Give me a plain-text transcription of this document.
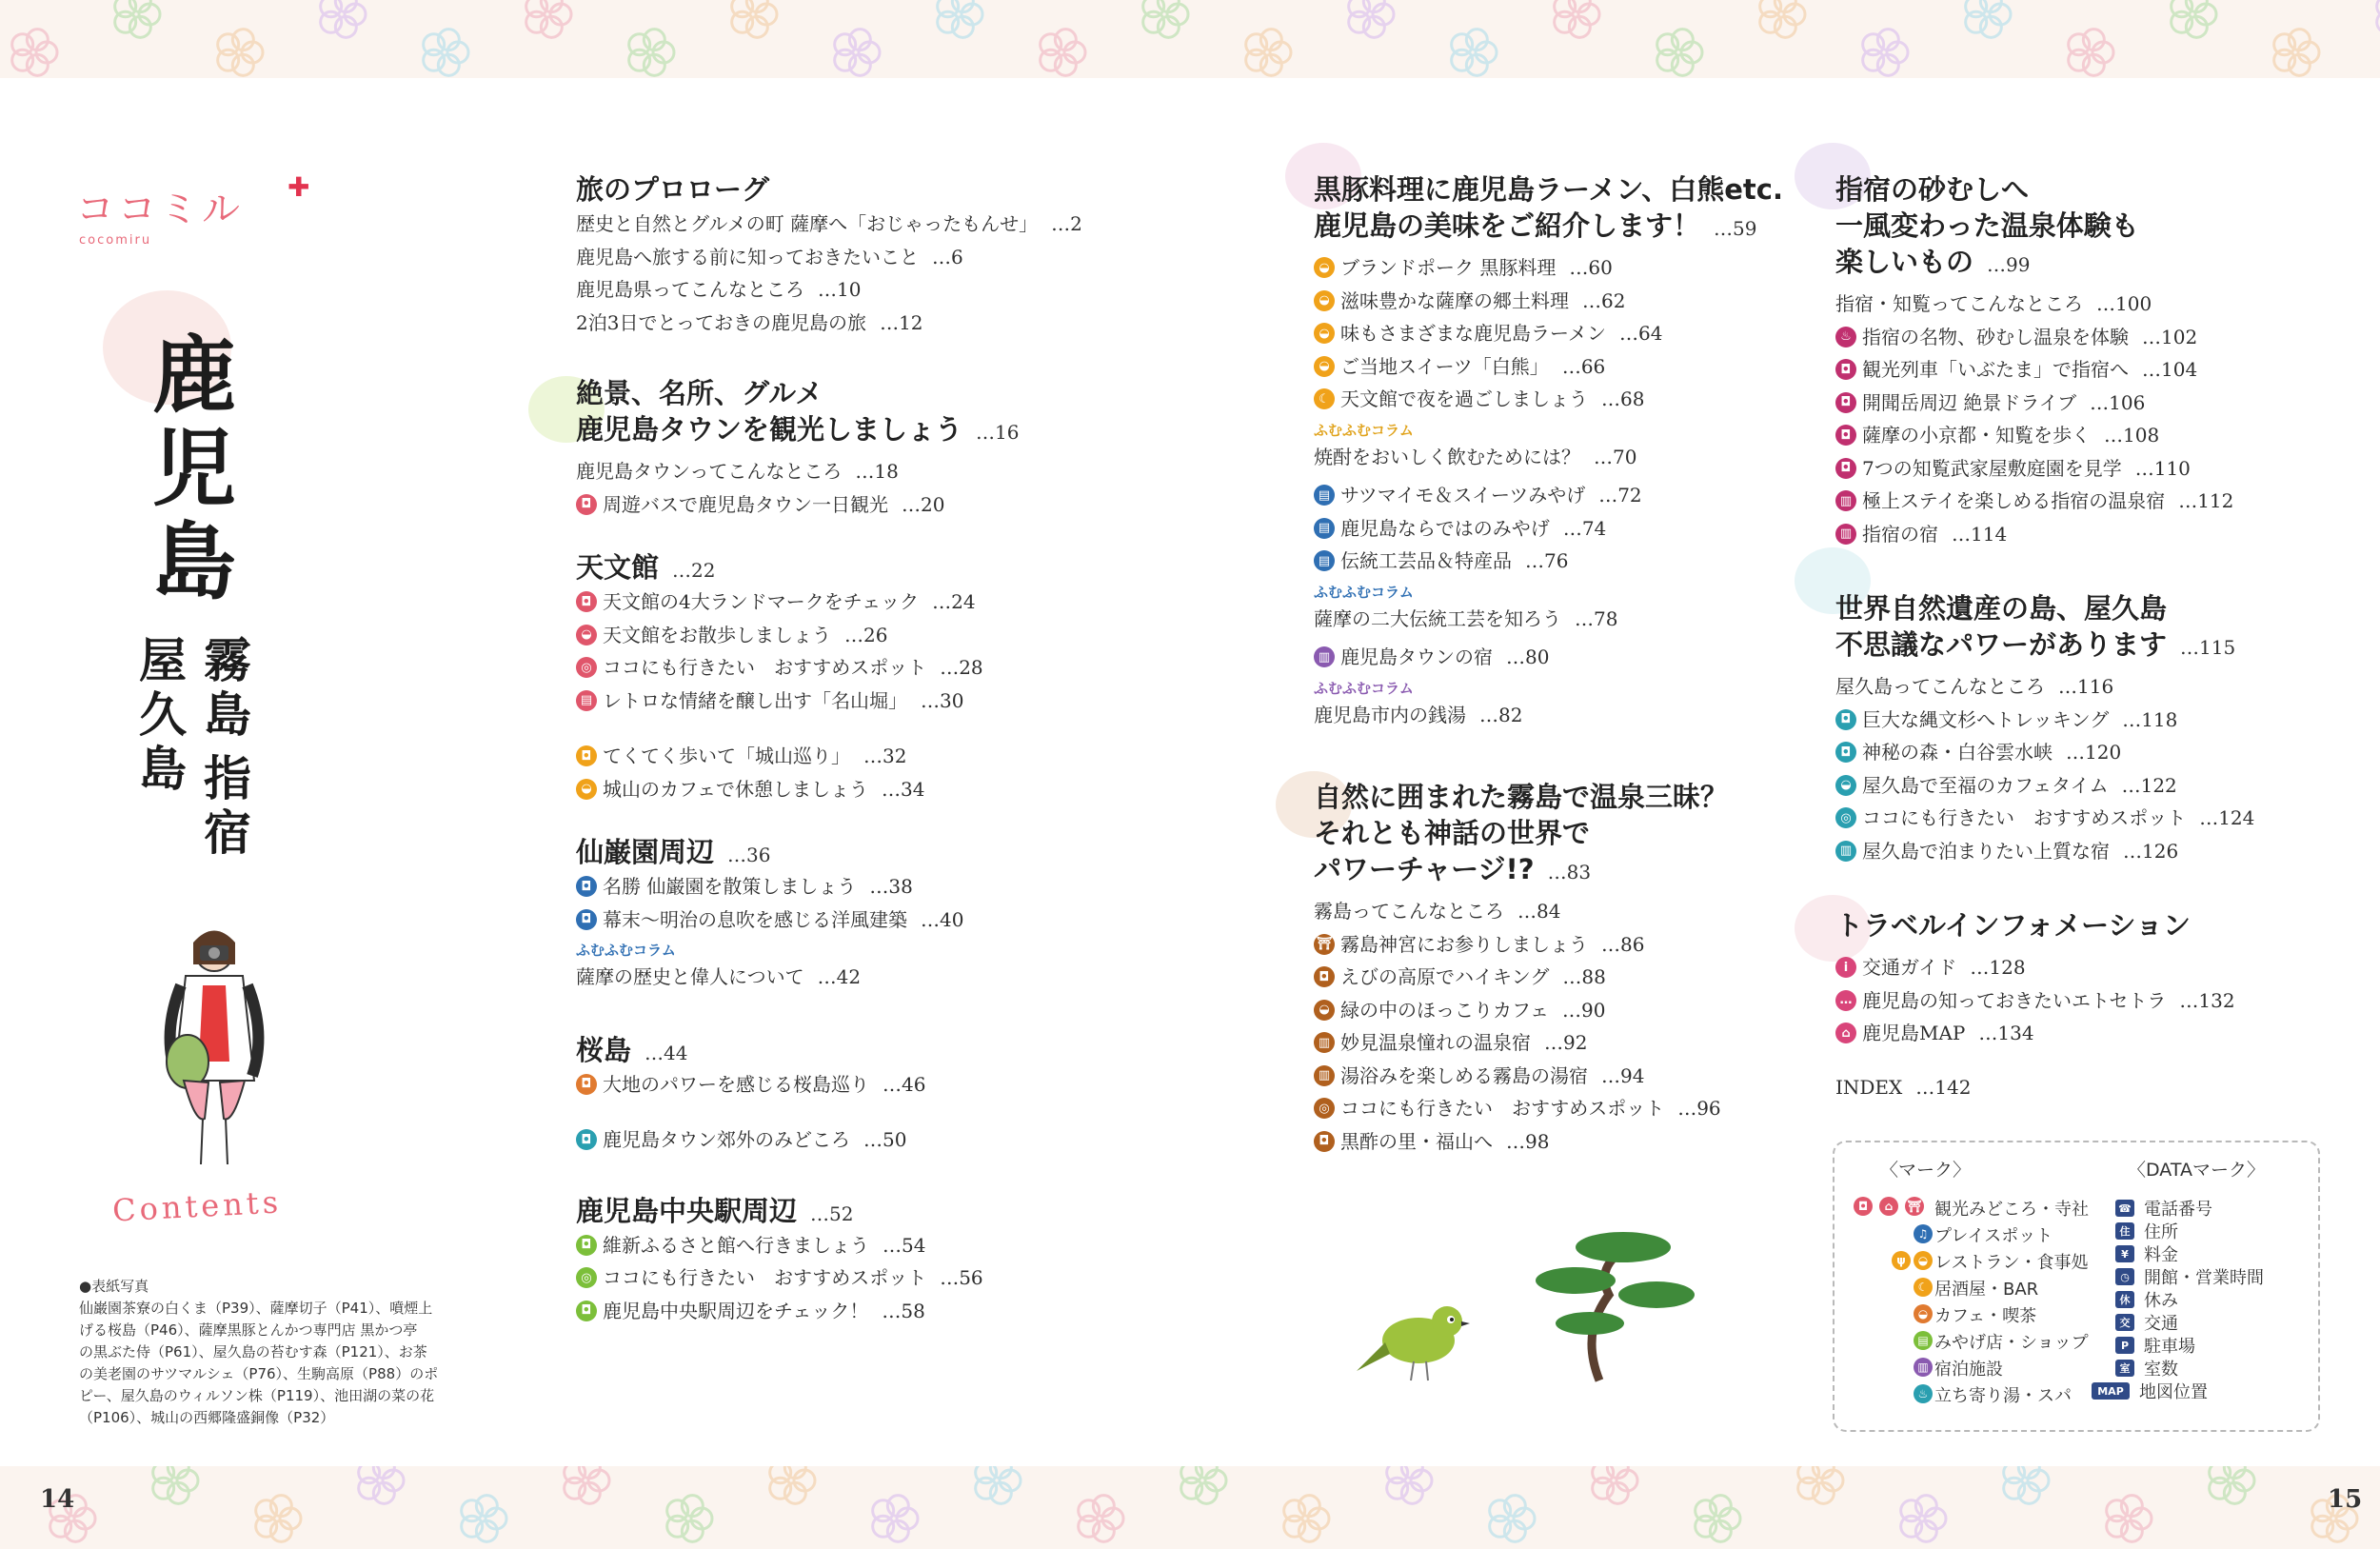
14	15
ココミル
✚
cocomiru
鹿
児
島
霧
島
指
宿
屋
久
島
Contents
●表紙写真
仙巌園茶寮の白くま（P39）、薩摩切子（P41）、噴煙上
げる桜島（P46）、薩摩黒豚とんかつ専門店 黒かつ亭
の黒ぶた侍（P61）、屋久島の苔むす森（P121）、お茶
の美老園のサツマルシェ（P76）、生駒高原（P88）のポ
ピー、屋久島のウィルソン株（P119）、池田湖の菜の花
（P106）、城山の西郷隆盛銅像（P32）
旅のプロローグ
歴史と自然とグルメの町 薩摩へ「おじゃったもんせ」 …2
鹿児島へ旅する前に知っておきたいこと …6
鹿児島県ってこんなところ …10
2泊3日でとっておきの鹿児島の旅 …12
絶景、名所、グルメ
鹿児島タウンを観光しましょう …16
鹿児島タウンってこんなところ …18
◘ 周遊バスで鹿児島タウン一日観光 …20
天文館 …22
◘ 天文館の4大ランドマークをチェック …24
◒ 天文館をお散歩しましょう …26
◎ ココにも行きたい　おすすめスポット …28
▤ レトロな情緒を醸し出す「名山堀」 …30
◘ てくてく歩いて「城山巡り」 …32
◒ 城山のカフェで休憩しましょう …34
仙巌園周辺 …36
◘ 名勝 仙巌園を散策しましょう …38
◘ 幕末〜明治の息吹を感じる洋風建築 …40
ふむふむコラム
薩摩の歴史と偉人について …42
桜島 …44
◘ 大地のパワーを感じる桜島巡り …46
◘ 鹿児島タウン郊外のみどころ …50
鹿児島中央駅周辺 …52
◘ 維新ふるさと館へ行きましょう …54
◎ ココにも行きたい　おすすめスポット …56
◘ 鹿児島中央駅周辺をチェック！ …58
黒豚料理に鹿児島ラーメン、白熊etc.
鹿児島の美味をご紹介します！ …59
◒ ブランドポーク 黒豚料理 …60
◒ 滋味豊かな薩摩の郷土料理 …62
◒ 味もさまざまな鹿児島ラーメン …64
◒ ご当地スイーツ「白熊」 …66
☾ 天文館で夜を過ごしましょう …68
ふむふむコラム
焼酎をおいしく飲むためには？ …70
▤ サツマイモ＆スイーツみやげ …72
▤ 鹿児島ならではのみやげ …74
▤ 伝統工芸品＆特産品 …76
ふむふむコラム
薩摩の二大伝統工芸を知ろう …78
▥ 鹿児島タウンの宿 …80
ふむふむコラム
鹿児島市内の銭湯 …82
自然に囲まれた霧島で温泉三昧？
それとも神話の世界で
パワーチャージ!? …83
霧島ってこんなところ …84
⛩ 霧島神宮にお参りしましょう …86
◘ えびの高原でハイキング …88
◒ 緑の中のほっこりカフェ …90
▥ 妙見温泉憧れの温泉宿 …92
▥ 湯浴みを楽しめる霧島の湯宿 …94
◎ ココにも行きたい　おすすめスポット …96
◘ 黒酢の里・福山へ …98
指宿の砂むしへ
一風変わった温泉体験も
楽しいもの …99
指宿・知覧ってこんなところ …100
♨ 指宿の名物、砂むし温泉を体験 …102
◘ 観光列車「いぶたま」で指宿へ …104
◘ 開聞岳周辺 絶景ドライブ …106
◘ 薩摩の小京都・知覧を歩く …108
◘ 7つの知覧武家屋敷庭園を見学 …110
▥ 極上ステイを楽しめる指宿の温泉宿 …112
▥ 指宿の宿 …114
世界自然遺産の島、屋久島
不思議なパワーがあります …115
屋久島ってこんなところ …116
◘ 巨大な縄文杉へトレッキング …118
◘ 神秘の森・白谷雲水峡 …120
◒ 屋久島で至福のカフェタイム …122
◎ ココにも行きたい　おすすめスポット …124
▥ 屋久島で泊まりたい上質な宿 …126
トラベルインフォメーション
i 交通ガイド …128
… 鹿児島の知っておきたいエトセトラ …132
⌂ 鹿児島MAP …134
INDEX …142
〈マーク〉	〈DATAマーク〉
◘	⌂	⛩ 観光みどころ・寺社
♫ プレイスポット
ψ	◒ レストラン・食事処
☾ 居酒屋・BAR
◒ カフェ・喫茶
▤ みやげ店・ショップ
▥ 宿泊施設
♨ 立ち寄り湯・スパ
☎ 電話番号
住 住所
¥ 料金
◷ 開館・営業時間
休 休み
交 交通
P 駐車場
室 室数
MAP 地図位置
